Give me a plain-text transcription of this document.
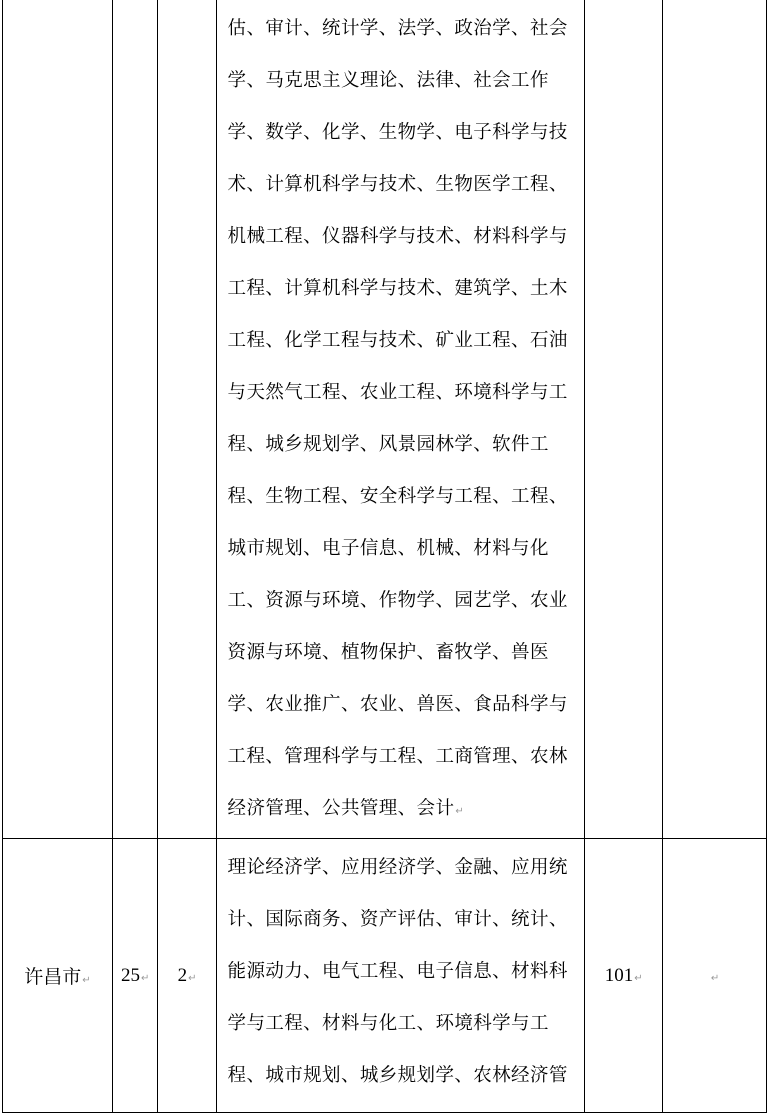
			估、审计、统计学、法学、政治学、社会学、马克思主义理论、法律、社会工作学、数学、化学、生物学、电子科学与技术、计算机科学与技术、生物医学工程、机械工程、仪器科学与技术、材料科学与工程、计算机科学与技术、建筑学、土木工程、化学工程与技术、矿业工程、石油与天然气工程、农业工程、环境科学与工程、城乡规划学、风景园林学、软件工程、生物工程、安全科学与工程、工程、城市规划、电子信息、机械、材料与化工、资源与环境、作物学、园艺学、农业资源与环境、植物保护、畜牧学、兽医学、农业推广、农业、兽医、食品科学与工程、管理科学与工程、工商管理、农林经济管理、公共管理、会计↵		
许昌市↵	25↵	2↵	理论经济学、应用经济学、金融、应用统计、国际商务、资产评估、审计、统计、能源动力、电气工程、电子信息、材料科学与工程、材料与化工、环境科学与工程、城市规划、城乡规划学、农林经济管	101↵	↵
